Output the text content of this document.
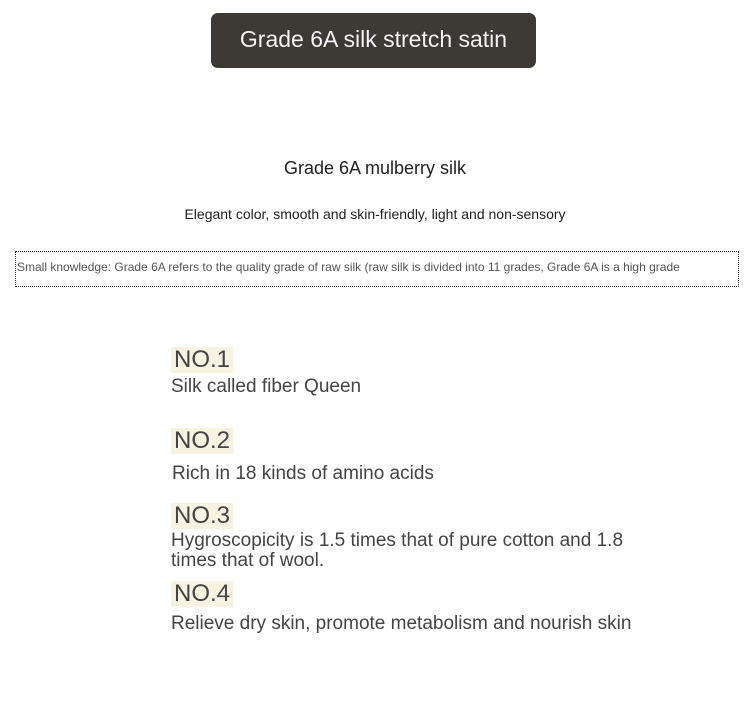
Grade 6A silk stretch satin
Grade 6A mulberry silk
Elegant color, smooth and skin-friendly, light and non-sensory
Small knowledge: Grade 6A refers to the quality grade of raw silk (raw silk is divided into 11 grades, Grade 6A is a high grade
NO.1
Silk called fiber Queen
NO.2
Rich in 18 kinds of amino acids
NO.3
Hygroscopicity is 1.5 times that of pure cotton and 1.8 times that of wool.
NO.4
Relieve dry skin, promote metabolism and nourish skin
